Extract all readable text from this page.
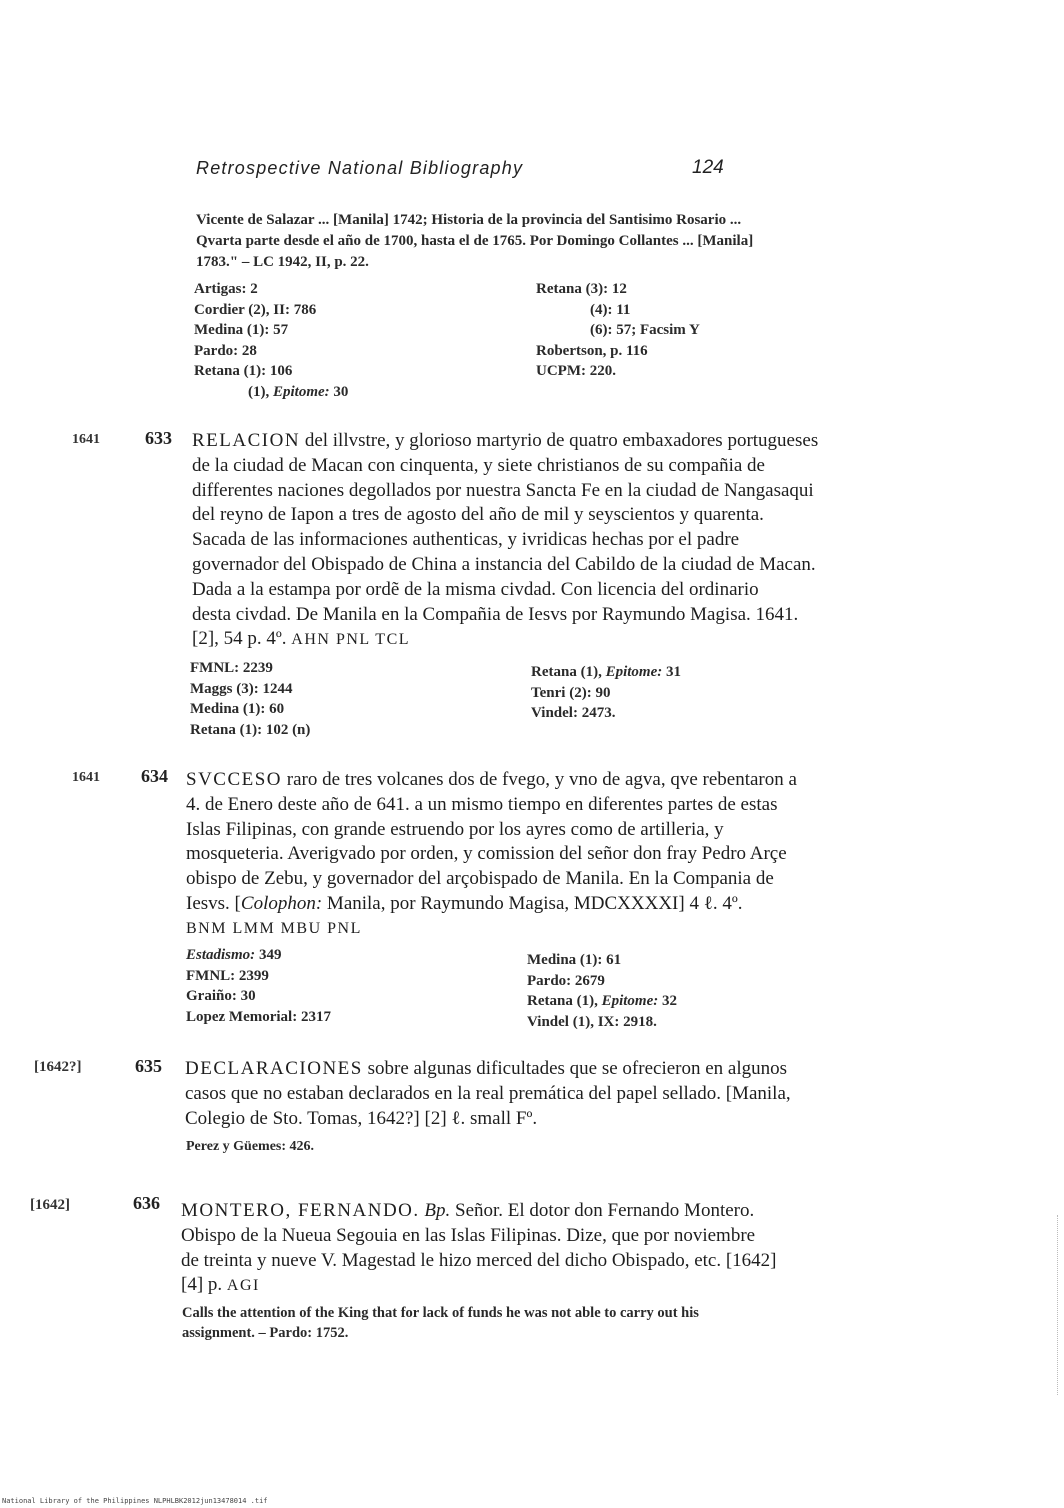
Retrospective National Bibliography	124
Vicente de Salazar ... [Manila] 1742; Historia de la provincia del Santisimo Rosario ...
Qvarta parte desde el año de 1700, hasta el de 1765. Por Domingo Collantes ... [Manila]
1783." – LC 1942, II, p. 22.
Artigas: 2
Cordier (2), II: 786
Medina (1): 57
Pardo: 28
Retana (1): 106
(1), Epitome: 30
Retana (3): 12
(4): 11
(6): 57; Facsim Y
Robertson, p. 116
UCPM: 220.
1641	633 RELACION del illvstre, y glorioso martyrio de quatro embaxadores portugueses
de la ciudad de Macan con cinquenta, y siete christianos de su compañia de
differentes naciones degollados por nuestra Sancta Fe en la ciudad de Nangasaqui
del reyno de Iapon a tres de agosto del año de mil y seyscientos y quarenta.
Sacada de las informaciones authenticas, y ivridicas hechas por el padre
governador del Obispado de China a instancia del Cabildo de la ciudad de Macan.
Dada a la estampa por ordẽ de la misma civdad. Con licencia del ordinario
desta civdad. De Manila en la Compañia de Iesvs por Raymundo Magisa. 1641.
[2], 54 p. 4º. AHN PNL TCL
FMNL: 2239
Maggs (3): 1244
Medina (1): 60
Retana (1): 102 (n)
Retana (1), Epitome: 31
Tenri (2): 90
Vindel: 2473.
1641 634 SVCCESO raro de tres volcanes dos de fvego, y vno de agva, qve rebentaron a
4. de Enero deste año de 641. a un mismo tiempo en diferentes partes de estas
Islas Filipinas, con grande estruendo por los ayres como de artilleria, y
mosqueteria. Averigvado por orden, y comission del señor don fray Pedro Arçe
obispo de Zebu, y governador del arçobispado de Manila. En la Compania de
Iesvs. [Colophon: Manila, por Raymundo Magisa, MDCXXXXI] 4 ℓ. 4º.
BNM LMM MBU PNL
Estadismo: 349
FMNL: 2399
Graiño: 30
Lopez Memorial: 2317
Medina (1): 61
Pardo: 2679
Retana (1), Epitome: 32
Vindel (1), IX: 2918.
[1642?]	635 DECLARACIONES sobre algunas dificultades que se ofrecieron en algunos
casos que no estaban declarados en la real premática del papel sellado. [Manila,
Colegio de Sto. Tomas, 1642?] [2] ℓ. small Fº.
Perez y Güemes: 426.
[1642]	636 MONTERO, FERNANDO. Bp. Señor. El dotor don Fernando Montero.
Obispo de la Nueua Segouia en las Islas Filipinas. Dize, que por noviembre
de treinta y nueve V. Magestad le hizo merced del dicho Obispado, etc. [1642]
[4] p. AGI
Calls the attention of the King that for lack of funds he was not able to carry out his
assignment. – Pardo: 1752.
National Library of the Philippines NLPHLBK2012jun13478014 .tif
